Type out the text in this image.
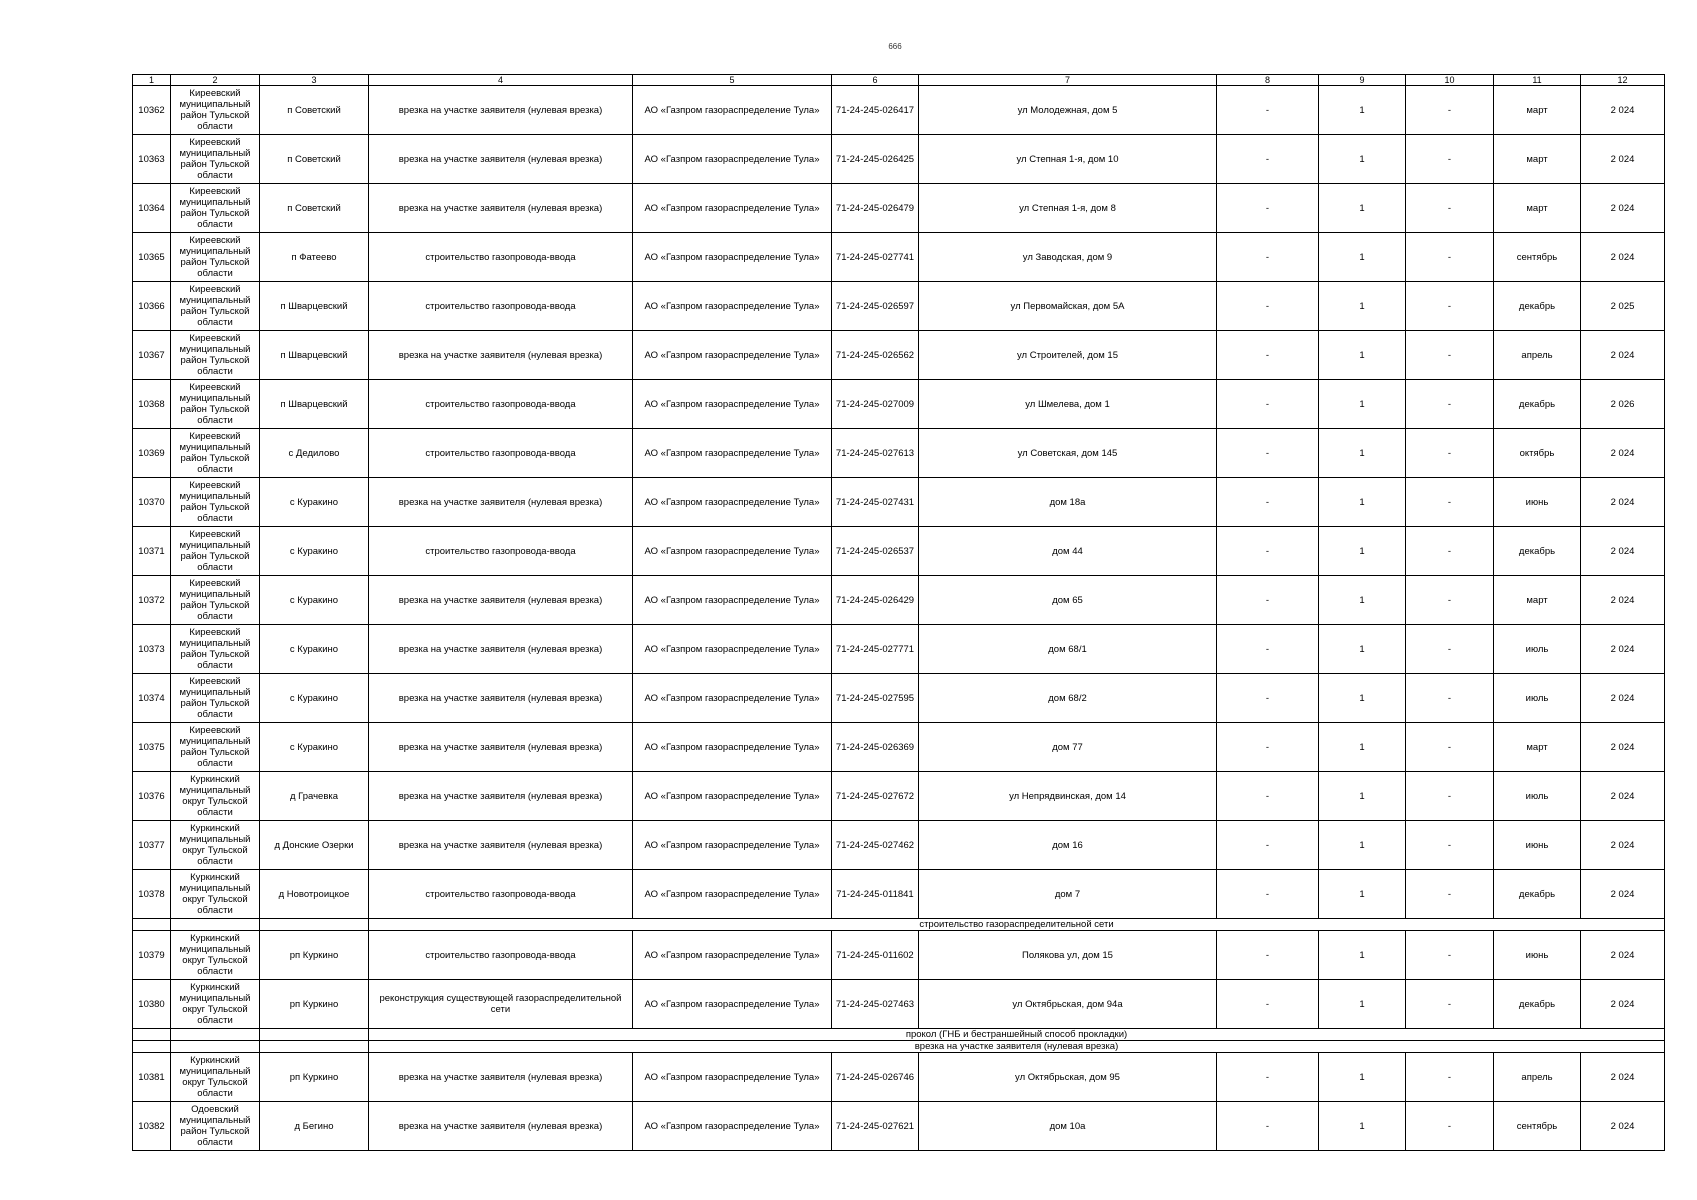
666
1	2	3	4	5	6	7	8	9	10	11	12
10362	Киреевский муниципальный район Тульской области	п Советский	врезка на участке заявителя (нулевая врезка)	АО «Газпром газораспределение Тула»	71-24-245-026417	ул Молодежная, дом 5	-	1	-	март	2 024
10363	Киреевский муниципальный район Тульской области	п Советский	врезка на участке заявителя (нулевая врезка)	АО «Газпром газораспределение Тула»	71-24-245-026425	ул Степная 1-я, дом 10	-	1	-	март	2 024
10364	Киреевский муниципальный район Тульской области	п Советский	врезка на участке заявителя (нулевая врезка)	АО «Газпром газораспределение Тула»	71-24-245-026479	ул Степная 1-я, дом 8	-	1	-	март	2 024
10365	Киреевский муниципальный район Тульской области	п Фатеево	строительство газопровода-ввода	АО «Газпром газораспределение Тула»	71-24-245-027741	ул Заводская, дом 9	-	1	-	сентябрь	2 024
10366	Киреевский муниципальный район Тульской области	п Шварцевский	строительство газопровода-ввода	АО «Газпром газораспределение Тула»	71-24-245-026597	ул Первомайская, дом 5А	-	1	-	декабрь	2 025
10367	Киреевский муниципальный район Тульской области	п Шварцевский	врезка на участке заявителя (нулевая врезка)	АО «Газпром газораспределение Тула»	71-24-245-026562	ул Строителей, дом 15	-	1	-	апрель	2 024
10368	Киреевский муниципальный район Тульской области	п Шварцевский	строительство газопровода-ввода	АО «Газпром газораспределение Тула»	71-24-245-027009	ул Шмелева, дом 1	-	1	-	декабрь	2 026
10369	Киреевский муниципальный район Тульской области	с Дедилово	строительство газопровода-ввода	АО «Газпром газораспределение Тула»	71-24-245-027613	ул Советская, дом 145	-	1	-	октябрь	2 024
10370	Киреевский муниципальный район Тульской области	с Куракино	врезка на участке заявителя (нулевая врезка)	АО «Газпром газораспределение Тула»	71-24-245-027431	дом 18а	-	1	-	июнь	2 024
10371	Киреевский муниципальный район Тульской области	с Куракино	строительство газопровода-ввода	АО «Газпром газораспределение Тула»	71-24-245-026537	дом 44	-	1	-	декабрь	2 024
10372	Киреевский муниципальный район Тульской области	с Куракино	врезка на участке заявителя (нулевая врезка)	АО «Газпром газораспределение Тула»	71-24-245-026429	дом 65	-	1	-	март	2 024
10373	Киреевский муниципальный район Тульской области	с Куракино	врезка на участке заявителя (нулевая врезка)	АО «Газпром газораспределение Тула»	71-24-245-027771	дом 68/1	-	1	-	июль	2 024
10374	Киреевский муниципальный район Тульской области	с Куракино	врезка на участке заявителя (нулевая врезка)	АО «Газпром газораспределение Тула»	71-24-245-027595	дом 68/2	-	1	-	июль	2 024
10375	Киреевский муниципальный район Тульской области	с Куракино	врезка на участке заявителя (нулевая врезка)	АО «Газпром газораспределение Тула»	71-24-245-026369	дом 77	-	1	-	март	2 024
10376	Куркинский муниципальный округ Тульской области	д Грачевка	врезка на участке заявителя (нулевая врезка)	АО «Газпром газораспределение Тула»	71-24-245-027672	ул Непрядвинская, дом 14	-	1	-	июль	2 024
10377	Куркинский муниципальный округ Тульской области	д Донские Озерки	врезка на участке заявителя (нулевая врезка)	АО «Газпром газораспределение Тула»	71-24-245-027462	дом 16	-	1	-	июнь	2 024
10378	Куркинский муниципальный округ Тульской области	д Новотроицкое	строительство газопровода-ввода	АО «Газпром газораспределение Тула»	71-24-245-011841	дом 7	-	1	-	декабрь	2 024
			строительство газораспределительной сети								
10379	Куркинский муниципальный округ Тульской области	рп Куркино	строительство газопровода-ввода	АО «Газпром газораспределение Тула»	71-24-245-011602	Полякова ул, дом 15	-	1	-	июнь	2 024
10380	Куркинский муниципальный округ Тульской области	рп Куркино	реконструкция существующей газораспределительной сети	АО «Газпром газораспределение Тула»	71-24-245-027463	ул Октябрьская, дом 94а	-	1	-	декабрь	2 024
			прокол (ГНБ и бестраншейный способ прокладки)								
			врезка на участке заявителя (нулевая врезка)								
10381	Куркинский муниципальный округ Тульской области	рп Куркино	врезка на участке заявителя (нулевая врезка)	АО «Газпром газораспределение Тула»	71-24-245-026746	ул Октябрьская, дом 95	-	1	-	апрель	2 024
10382	Одоевский муниципальный район Тульской области	д Бегино	врезка на участке заявителя (нулевая врезка)	АО «Газпром газораспределение Тула»	71-24-245-027621	дом 10а	-	1	-	сентябрь	2 024
